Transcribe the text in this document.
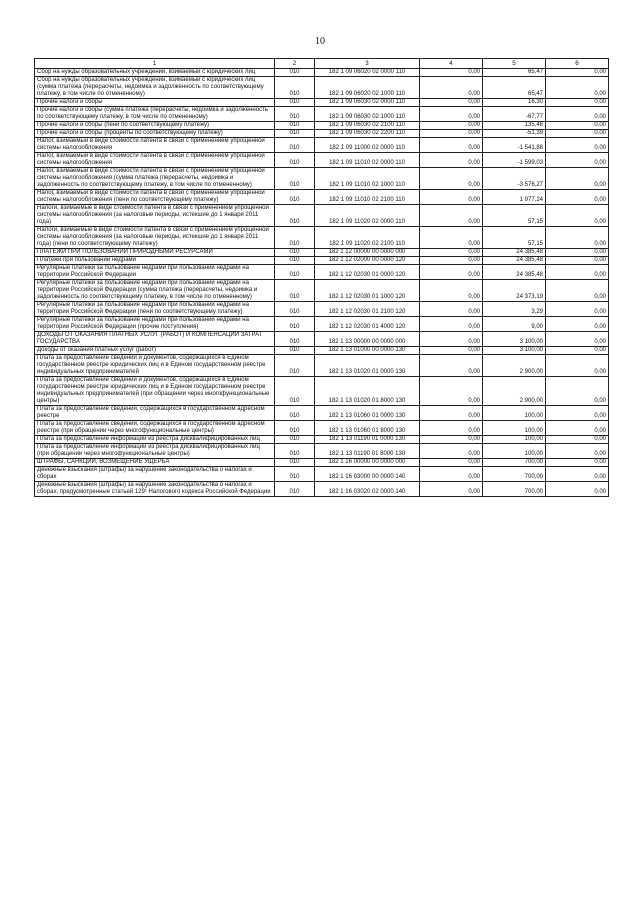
10
1	2	3	4	5	6
Сбор на нужды образовательных учреждений, взимаемый с юридических лиц	010	182 1 09 06020 02 0000 110	0,00	65,47	0,00
Сбор на нужды образовательных учреждений, взимаемый с юридических лиц (сумма платежа (перерасчеты, недоимка и задолженность по соответствующему платежу, в том числе по отмененному)	010	182 1 09 06020 02 1000 110	0,00	65,47	0,00
Прочие налоги и сборы	010	182 1 09 06030 02 0000 110	0,00	16,30	0,00
Прочие налоги и сборы (сумма платежа (перерасчеты, недоимка и задолженность по соответствующему платежу, в том числе по отмененному)	010	182 1 09 06030 02 1000 110	0,00	-67,77	0,00
Прочие налоги и сборы (пени по соответствующему платежу)	010	182 1 09 06030 02 2100 110	0,00	135,46	0,00
Прочие налоги и сборы (проценты по соответствующему платежу)	010	182 1 09 06030 02 2200 110	0,00	-51,39	0,00
Налог, взимаемый в виде стоимости патента в связи с применением упрощенной системы налогообложения	010	182 1 09 11000 02 0000 110	0,00	-1 541,88	0,00
Налог, взимаемый в виде стоимости патента в связи с применением упрощенной системы налогообложения	010	182 1 09 11010 02 0000 110	0,00	-1 599,03	0,00
Налог, взимаемый в виде стоимости патента в связи с применением упрощенной системы налогообложения (сумма платежа (перерасчеты, недоимка и задолженность по соответствующему платежу, в том числе по отмененному)	010	182 1 09 11010 02 1000 110	0,00	-3 576,27	0,00
Налог, взимаемый в виде стоимости патента в связи с применением упрощенной системы налогообложения (пени по соответствующему платежу)	010	182 1 09 11010 02 2100 110	0,00	1 977,24	0,00
Налоги, взимаемые в виде стоимости патента в связи с применением упрощенной системы налогообложения (за налоговые периоды, истекшие до 1 января 2011 года)	010	182 1 09 11020 02 0000 110	0,00	57,15	0,00
Налоги, взимаемые в виде стоимости патента в связи с применением упрощенной системы налогообложения (за налоговые периоды, истекшие до 1 января 2011 года) (пени по соответствующему платежу)	010	182 1 09 11020 02 2100 110	0,00	57,15	0,00
ПЛАТЕЖИ ПРИ ПОЛЬЗОВАНИИ ПРИРОДНЫМИ РЕСУРСАМИ	010	182 1 12 00000 00 0000 000	0,00	24 385,48	0,00
Платежи при пользовании недрами	010	182 1 12 02000 00 0000 120	0,00	24 385,48	0,00
Регулярные платежи за пользование недрами при пользовании недрами на территории Российской Федерации	010	182 1 12 02030 01 0000 120	0,00	24 385,48	0,00
Регулярные платежи за пользование недрами при пользовании недрами на территории Российской Федерации (сумма платежа (перерасчеты, недоимка и задолженность по соответствующему платежу, в том числе по отмененному)	010	182 1 12 02030 01 1000 120	0,00	24 373,19	0,00
Регулярные платежи за пользование недрами при пользовании недрами на территории Российской Федерации (пени по соответствующему платежу)	010	182 1 12 02030 01 2100 120	0,00	3,29	0,00
Регулярные платежи за пользование недрами при пользовании недрами на территории Российской Федерации (прочие поступления)	010	182 1 12 02030 01 4000 120	0,00	9,00	0,00
ДОХОДЫ ОТ ОКАЗАНИЯ ПЛАТНЫХ УСЛУГ (РАБОТ) И КОМПЕНСАЦИИ ЗАТРАТ ГОСУДАРСТВА	010	182 1 13 00000 00 0000 000	0,00	3 100,00	0,00
Доходы от оказания платных услуг (работ)	010	182 1 13 01000 00 0000 130	0,00	3 100,00	0,00
Плата за предоставление сведений и документов, содержащихся в Едином государственном реестре юридических лиц и в Едином государственном реестре индивидуальных предпринимателей	010	182 1 13 01020 01 0000 130	0,00	2 900,00	0,00
Плата за предоставление сведений и документов, содержащихся в Едином государственном реестре юридических лиц и в Едином государственном реестре индивидуальных предпринимателей (при обращении через многофункциональные центры)	010	182 1 13 01020 01 8000 130	0,00	2 900,00	0,00
Плата за предоставление сведений, содержащихся в государственном адресном реестре	010	182 1 13 01060 01 0000 130	0,00	100,00	0,00
Плата за предоставление сведений, содержащихся в государственном адресном реестре (при обращении через многофункциональные центры)	010	182 1 13 01060 01 8000 130	0,00	100,00	0,00
Плата за предоставление информации из реестра дисквалифицированных лиц	010	182 1 13 01190 01 0000 130	0,00	100,00	0,00
Плата за предоставление информации из реестра дисквалифицированных лиц (при обращении через многофункциональные центры)	010	182 1 13 01190 01 8000 130	0,00	100,00	0,00
ШТРАФЫ, САНКЦИИ, ВОЗМЕЩЕНИЕ УЩЕРБА	010	182 1 16 00000 00 0000 000	0,00	700,00	0,00
Денежные взыскания (штрафы) за нарушение законодательства о налогах и сборах	010	182 1 16 03000 00 0000 140	0,00	700,00	0,00
Денежные взыскания (штрафы) за нарушение законодательства о налогах и сборах, предусмотренные статьей 129¹ Налогового кодекса Российской Федерации	010	182 1 16 03020 02 0000 140	0,00	700,00	0,00
